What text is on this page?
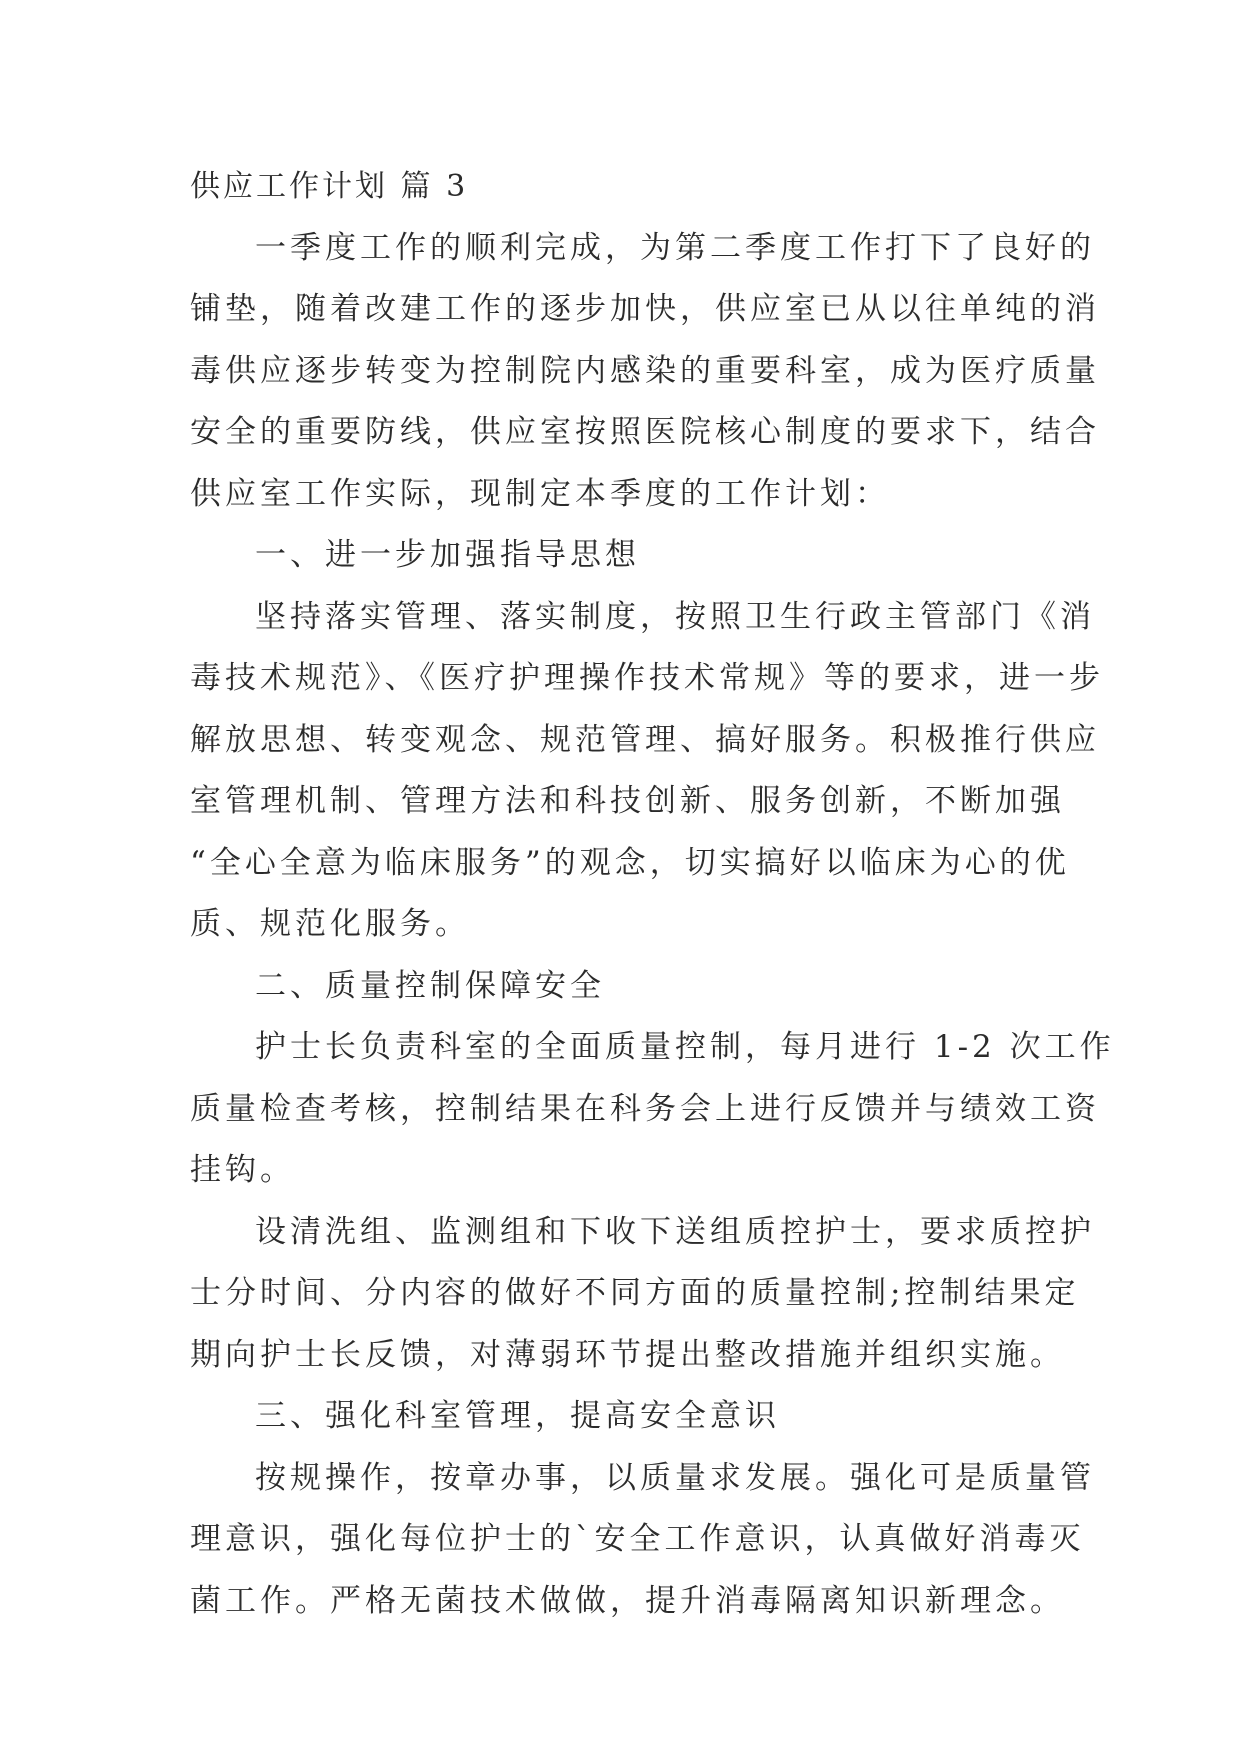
供应工作计划 篇 3
一季度工作的顺利完成，为第二季度工作打下了良好的
铺垫，随着改建工作的逐步加快，供应室已从以往单纯的消
毒供应逐步转变为控制院内感染的重要科室，成为医疗质量
安全的重要防线，供应室按照医院核心制度的要求下，结合
供应室工作实际，现制定本季度的工作计划：
一、进一步加强指导思想
坚持落实管理、落实制度，按照卫生行政主管部门《消
毒技术规范》、《医疗护理操作技术常规》等的要求，进一步
解放思想、转变观念、规范管理、搞好服务。积极推行供应
室管理机制、管理方法和科技创新、服务创新，不断加强
“全心全意为临床服务”的观念，切实搞好以临床为心的优
质、规范化服务。
二、质量控制保障安全
护士长负责科室的全面质量控制，每月进行 1-2 次工作
质量检查考核，控制结果在科务会上进行反馈并与绩效工资
挂钩。
设清洗组、监测组和下收下送组质控护士，要求质控护
士分时间、分内容的做好不同方面的质量控制;控制结果定
期向护士长反馈，对薄弱环节提出整改措施并组织实施。
三、强化科室管理，提高安全意识
按规操作，按章办事，以质量求发展。强化可是质量管
理意识，强化每位护士的`安全工作意识，认真做好消毒灭
菌工作。严格无菌技术做做，提升消毒隔离知识新理念。
